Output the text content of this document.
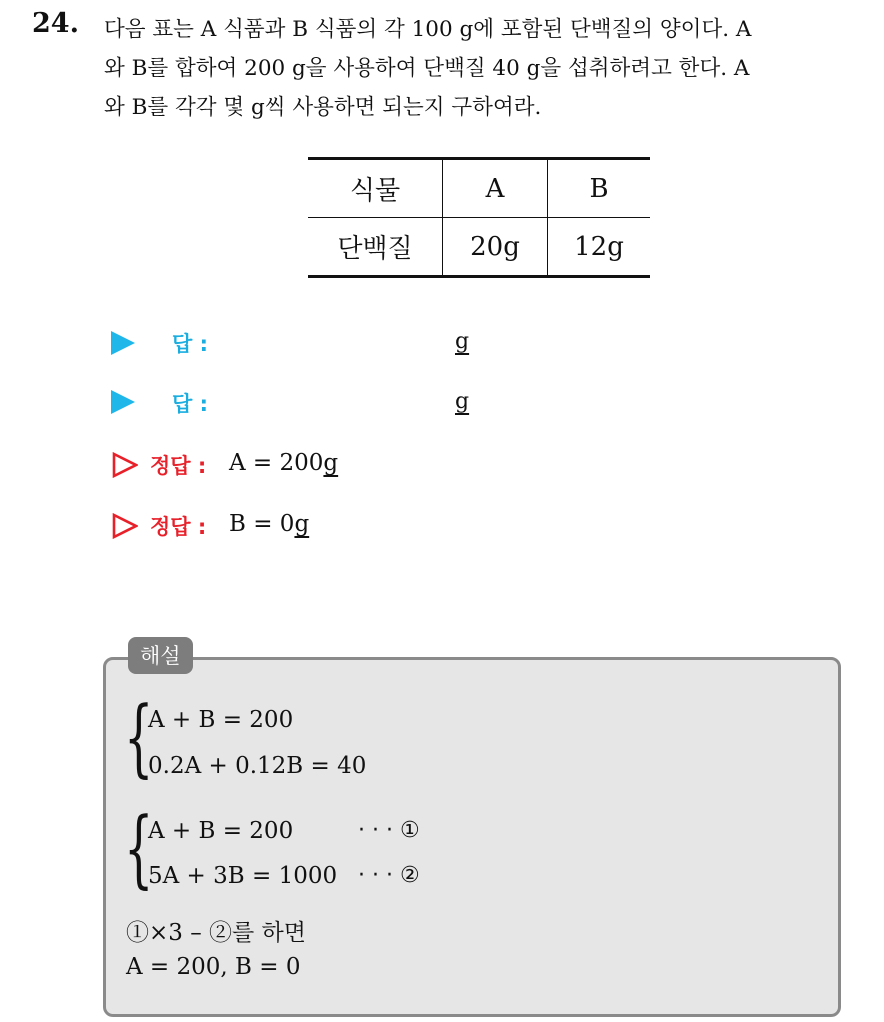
24. 다음 표는 A 식품과 B 식품의 각 100 g에 포함된 단백질의 양이다. A
와 B를 합하여 200 g을 사용하여 단백질 40 g을 섭취하려고 한다. A
와 B를 각각 몇 g씩 사용하면 되는지 구하여라.
식물	A	B
단백질	20g	12g
답 :	g
답 :	g
정답 : A = 200g
정답 : B = 0g
해설
{
A + B = 200
0.2A + 0.12B = 40
{
A + B = 200	· · · ①
5A + 3B = 1000 · · · ②
①×3 – ②를 하면
A = 200, B = 0
